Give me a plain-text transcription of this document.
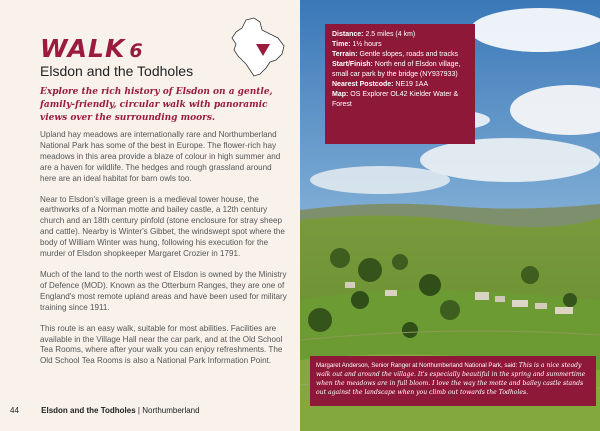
WALK 6
Elsdon and the Todholes
Explore the rich history of Elsdon on a gentle, family-friendly, circular walk with panoramic views over the surrounding moors.

Upland hay meadows are internationally rare and Northumberland National Park has some of the best in Europe. The flower-rich hay meadows in this area provide a blaze of colour in high summer and are a haven for wildlife. The hedges and rough grassland around here are an ideal habitat for barn owls too.

Near to Elsdon's village green is a medieval tower house, the earthworks of a Norman motte and bailey castle, a 12th century church and an 18th century pinfold (stone enclosure for stray sheep and cattle). Nearby is Winter's Gibbet, the windswept spot where the body of William Winter was hung, following his execution for the murder of Elsdon shopkeeper Margaret Crozier in 1791.

Much of the land to the north west of Elsdon is owned by the Ministry of Defence (MOD). Known as the Otterburn Ranges, they are one of England's most remote upland areas and have been used for military training since 1911.

This route is an easy walk, suitable for most abilities. Facilities are available in the Village Hall near the car park, and at the Old School Tea Rooms, where after your walk you can enjoy refreshments. The Old School Tea Rooms is also a National Park Information Point.

44	Elsdon and the Todholes | Northumberland
Distance: 2.5 miles (4 km)
Time: 1½ hours
Terrain: Gentle slopes, roads and tracks
Start/Finish: North end of Elsdon village, small car park by the bridge (NY937933)
Nearest Postcode: NE19 1AA
Map: OS Explorer OL42 Kielder Water & Forest
Margaret Anderson, Senior Ranger at Northumberland National Park, said: This is a nice steady walk out and around the village. It's especially beautiful in the spring and summertime when the meadows are in full bloom. I love the way the motte and bailey castle stands out against the landscape when you climb out towards the Todholes.
